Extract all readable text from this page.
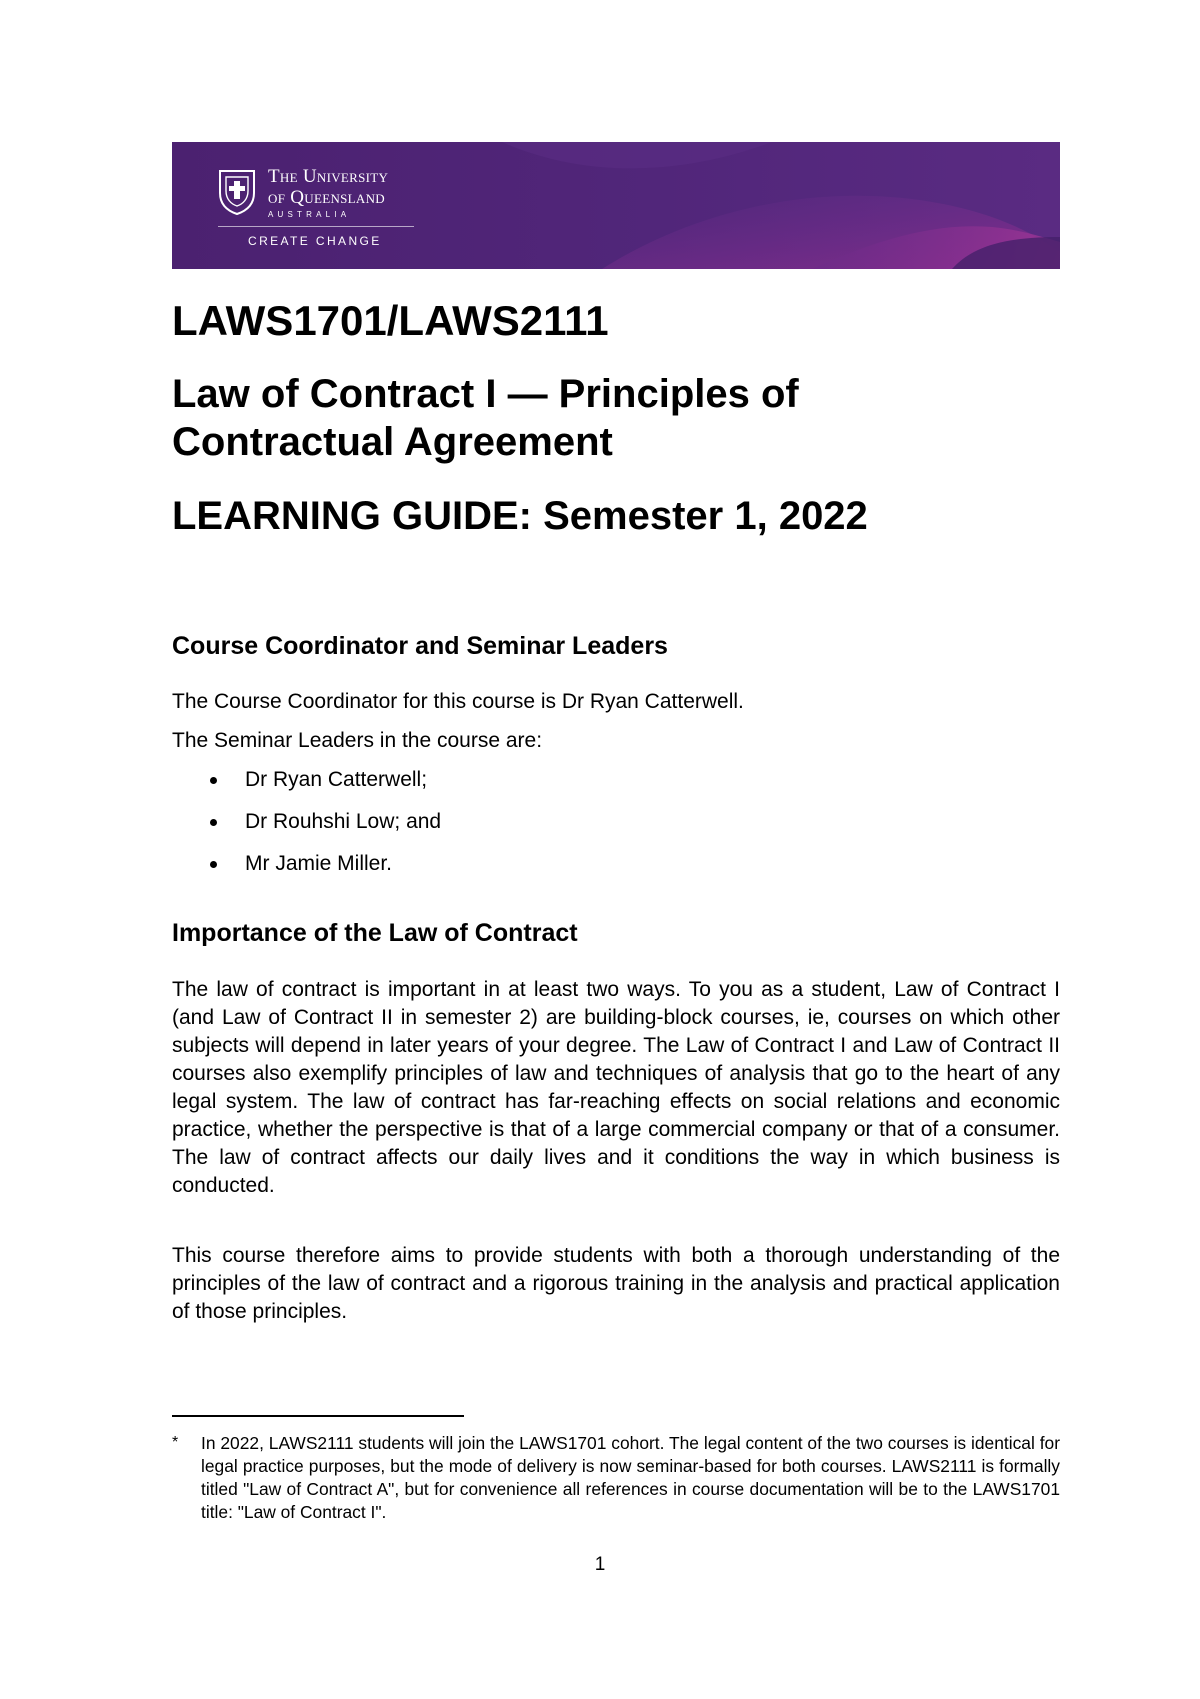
The University
of Queensland
AUSTRALIA
CREATE CHANGE
LAWS1701/LAWS2111
Law of Contract I — Principles of Contractual Agreement
LEARNING GUIDE: Semester 1, 2022
Course Coordinator and Seminar Leaders

The Course Coordinator for this course is Dr Ryan Catterwell.

The Seminar Leaders in the course are:

Dr Ryan Catterwell;
Dr Rouhshi Low; and
Mr Jamie Miller.
Importance of the Law of Contract

The law of contract is important in at least two ways. To you as a student, Law of Contract I (and Law of Contract II in semester 2) are building-block courses, ie, courses on which other subjects will depend in later years of your degree. The Law of Contract I and Law of Contract II courses also exemplify principles of law and techniques of analysis that go to the heart of any legal system. The law of contract has far-reaching effects on social relations and economic practice, whether the perspective is that of a large commercial company or that of a consumer. The law of contract affects our daily lives and it conditions the way in which business is conducted.

This course therefore aims to provide students with both a thorough understanding of the principles of the law of contract and a rigorous training in the analysis and practical application of those principles.

* In 2022, LAWS2111 students will join the LAWS1701 cohort. The legal content of the two courses is identical for legal practice purposes, but the mode of delivery is now seminar-based for both courses. LAWS2111 is formally titled "Law of Contract A", but for convenience all references in course documentation will be to the LAWS1701 title: "Law of Contract I".

1
